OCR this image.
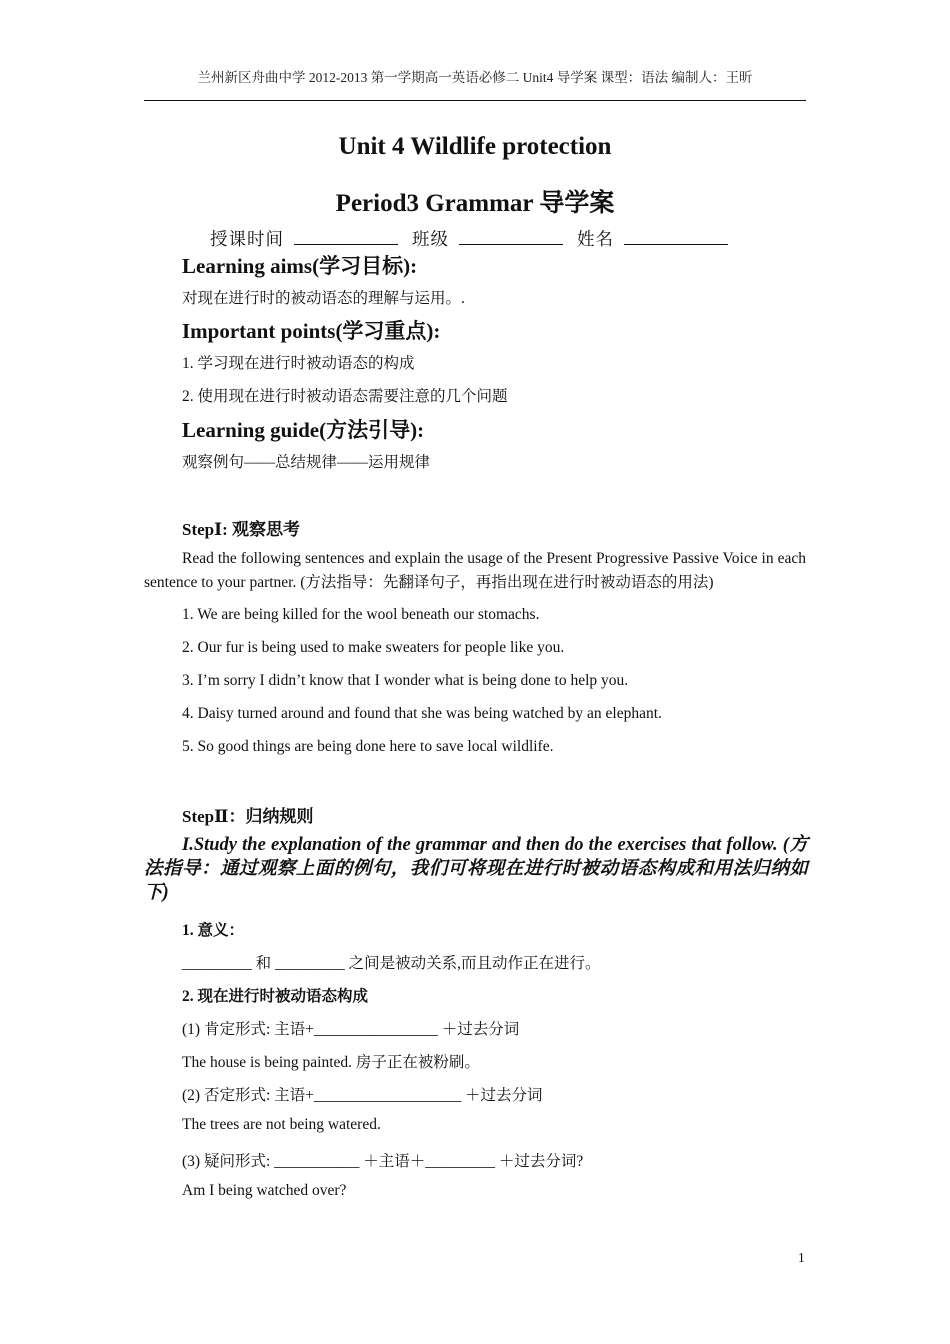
兰州新区舟曲中学 2012-2013 第一学期高一英语必修二 Unit4 导学案 课型：语法 编制人：王昕
Unit 4 Wildlife protection
Period3 Grammar 导学案
授课时间	班级	姓名
Learning aims(学习目标):
对现在进行时的被动语态的理解与运用。.
Important points(学习重点):
1. 学习现在进行时被动语态的构成
2. 使用现在进行时被动语态需要注意的几个问题
Learning guide(方法引导):
观察例句——总结规律——运用规律
StepⅠ: 观察思考
Read the following sentences and explain the usage of the Present Progressive Passive Voice in each sentence to your partner. (方法指导：先翻译句子，再指出现在进行时被动语态的用法)
1. We are being killed for the wool beneath our stomachs.
2. Our fur is being used to make sweaters for people like you.
3. I’m sorry I didn’t know that I wonder what is being done to help you.
4. Daisy turned around and found that she was being watched by an elephant.
5. So good things are being done here to save local wildlife.
StepⅡ：归纳规则
I.Study the explanation of the grammar and then do the exercises that follow. (方法指导：通过观察上面的例句，我们可将现在进行时被动语态构成和用法归纳如下)
1. 意义：
_________ 和 _________ 之间是被动关系,而且动作正在进行。
2. 现在进行时被动语态构成
(1) 肯定形式: 主语+________________ ＋过去分词
The house is being painted. 房子正在被粉刷。
(2) 否定形式: 主语+___________________ ＋过去分词
The trees are not being watered.
(3) 疑问形式: ___________ ＋主语＋_________ ＋过去分词?
Am I being watched over?
1
